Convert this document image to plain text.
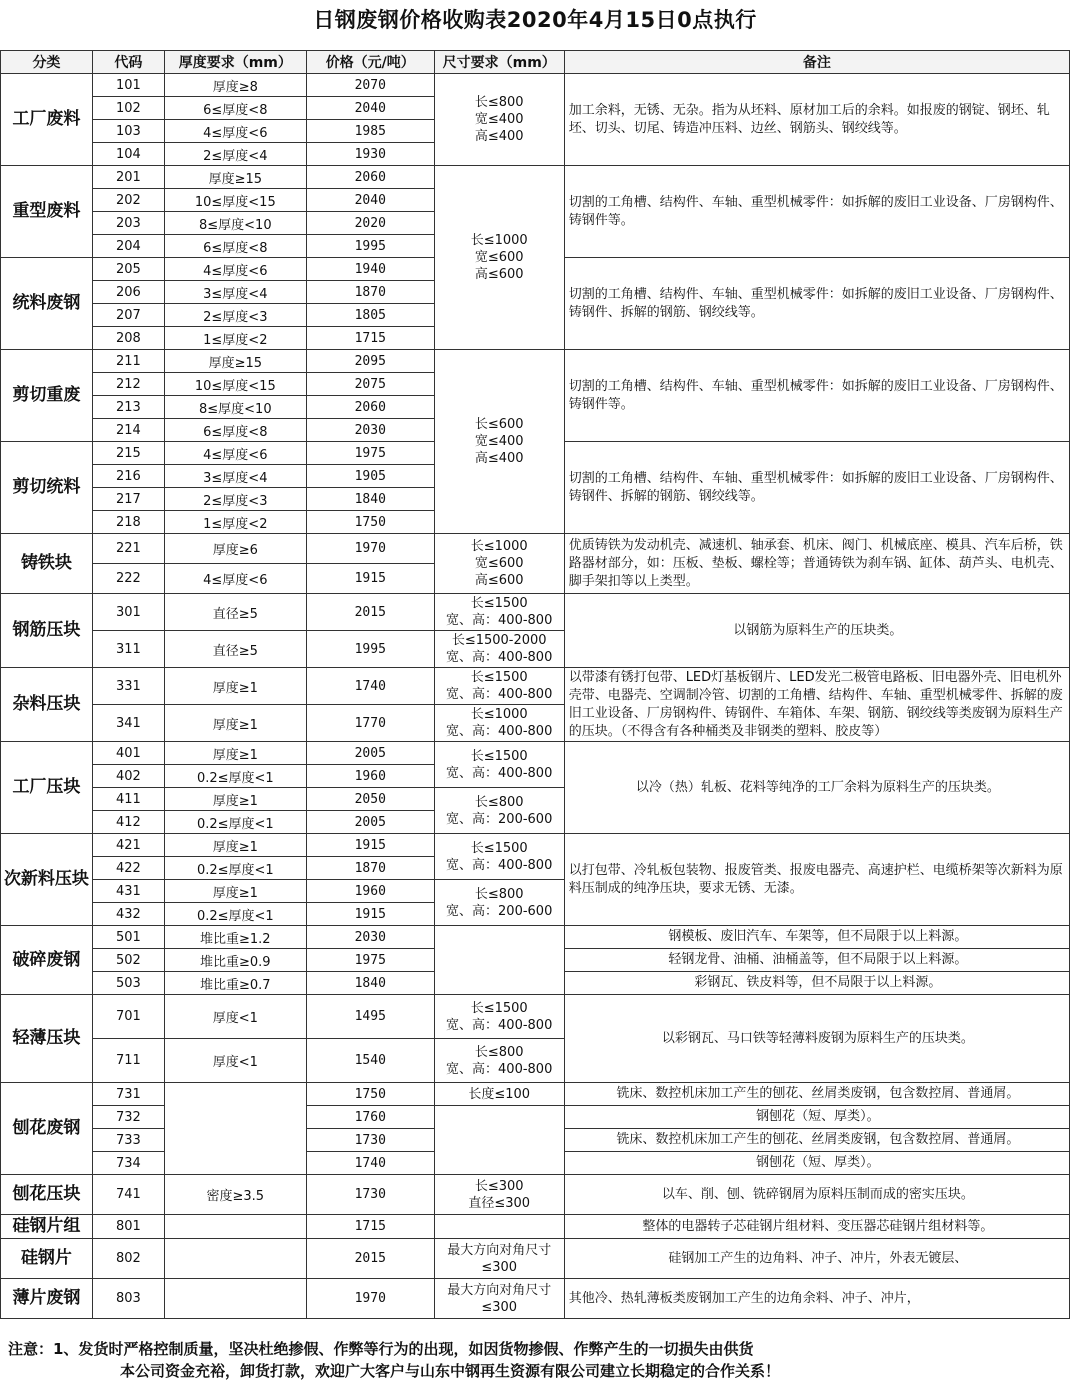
日钢废钢价格收购表2020年4月15日0点执行
分类	代码	厚度要求（mm）	价格（元/吨）	尺寸要求（mm）	备注
工厂废料	101	厚度≥8	2070	长≤800
宽≤400
高≤400	加工余料，无锈、无杂。指为从坯料、原材加工后的余料。如报废的钢锭、钢坯、轧坯、切头、切尾、铸造冲压料、边丝、钢筋头、钢绞线等。
	102	6≤厚度<8	2040		
	103	4≤厚度<6	1985		
	104	2≤厚度<4	1930		
重型废料	201	厚度≥15	2060	长≤1000
宽≤600
高≤600	切割的工角槽、结构件、车轴、重型机械零件：如拆解的废旧工业设备、厂房钢构件、铸钢件等。
	202	10≤厚度<15	2040		
	203	8≤厚度<10	2020		
	204	6≤厚度<8	1995		
统料废钢	205	4≤厚度<6	1940		切割的工角槽、结构件、车轴、重型机械零件：如拆解的废旧工业设备、厂房钢构件、铸钢件、拆解的钢筋、钢绞线等。
	206	3≤厚度<4	1870		
	207	2≤厚度<3	1805		
	208	1≤厚度<2	1715		
剪切重废	211	厚度≥15	2095	长≤600
宽≤400
高≤400	切割的工角槽、结构件、车轴、重型机械零件：如拆解的废旧工业设备、厂房钢构件、铸钢件等。
	212	10≤厚度<15	2075		
	213	8≤厚度<10	2060		
	214	6≤厚度<8	2030		
剪切统料	215	4≤厚度<6	1975		切割的工角槽、结构件、车轴、重型机械零件：如拆解的废旧工业设备、厂房钢构件、铸钢件、拆解的钢筋、钢绞线等。
	216	3≤厚度<4	1905		
	217	2≤厚度<3	1840		
	218	1≤厚度<2	1750		
铸铁块	221	厚度≥6	1970	长≤1000
宽≤600
高≤600	优质铸铁为发动机壳、减速机、轴承套、机床、阀门、机械底座、模具、汽车后桥，铁路器材部分，如：压板、垫板、螺栓等；普通铸铁为刹车锅、缸体、葫芦头、电机壳、脚手架扣等以上类型。
	222	4≤厚度<6	1915		
钢筋压块	301	直径≥5	2015	长≤1500
宽、高：400-800	以钢筋为原料生产的压块类。
	311	直径≥5	1995	长≤1500-2000
宽、高：400-800	
杂料压块	331	厚度≥1	1740	长≤1500
宽、高：400-800	以带漆有锈打包带、LED灯基板钢片、LED发光二极管电路板、旧电器外壳、旧电机外壳带、电器壳、空调制冷管、切割的工角槽、结构件、车轴、重型机械零件、拆解的废旧工业设备、厂房钢构件、铸钢件、车箱体、车架、钢筋、钢绞线等类废钢为原料生产的压块。（不得含有各种桶类及非钢类的塑料、胶皮等）
	341	厚度≥1	1770	长≤1000
宽、高：400-800	
工厂压块	401	厚度≥1	2005	长≤1500
宽、高：400-800	以冷（热）轧板、花料等纯净的工厂余料为原料生产的压块类。
	402	0.2≤厚度<1	1960		
	411	厚度≥1	2050	长≤800
宽、高：200-600	
	412	0.2≤厚度<1	2005		
次新料压块	421	厚度≥1	1915	长≤1500
宽、高：400-800	以打包带、冷轧板包装物、报废管类、报废电器壳、高速护栏、电缆桥架等次新料为原料压制成的纯净压块，要求无锈、无漆。
	422	0.2≤厚度<1	1870		
	431	厚度≥1	1960	长≤800
宽、高：200-600	
	432	0.2≤厚度<1	1915		
破碎废钢	501	堆比重≥1.2	2030		钢模板、废旧汽车、车架等，但不局限于以上料源。
	502	堆比重≥0.9	1975		轻钢龙骨、油桶、油桶盖等，但不局限于以上料源。
	503	堆比重≥0.7	1840		彩钢瓦、铁皮料等，但不局限于以上料源。
轻薄压块	701	厚度<1	1495	长≤1500
宽、高：400-800	以彩钢瓦、马口铁等轻薄料废钢为原料生产的压块类。
	711	厚度<1	1540	长≤800
宽、高：400-800	
刨花废钢	731		1750	长度≤100	铣床、数控机床加工产生的刨花、丝屑类废钢，包含数控屑、普通屑。
	732		1760		钢刨花（短、厚类）。
	733		1730		铣床、数控机床加工产生的刨花、丝屑类废钢，包含数控屑、普通屑。
	734		1740		钢刨花（短、厚类）。
刨花压块	741	密度≥3.5	1730	长≤300
直径≤300	以车、削、刨、铣碎钢屑为原料压制而成的密实压块。
硅钢片组	801		1715		整体的电器转子芯硅钢片组材料、变压器芯硅钢片组材料等。
硅钢片	802		2015	最大方向对角尺寸
≤300	硅钢加工产生的边角料、冲子、冲片，外表无镀层、
薄片废钢	803		1970	最大方向对角尺寸
≤300	其他冷、热轧薄板类废钢加工产生的边角余料、冲子、冲片，
注意：1、发货时严格控制质量，坚决杜绝掺假、作弊等行为的出现，如因货物掺假、作弊产生的一切损失由供货
本公司资金充裕，卸货打款，欢迎广大客户与山东中钢再生资源有限公司建立长期稳定的合作关系！
